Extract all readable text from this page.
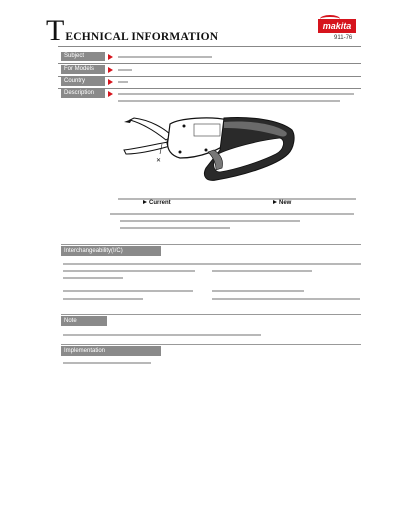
T ECHNICAL INFORMATION
makita
911-76
Subject
For Models
Country
Description
✕
Current	New
Interchangeability(I/C)
Note
Implementation
